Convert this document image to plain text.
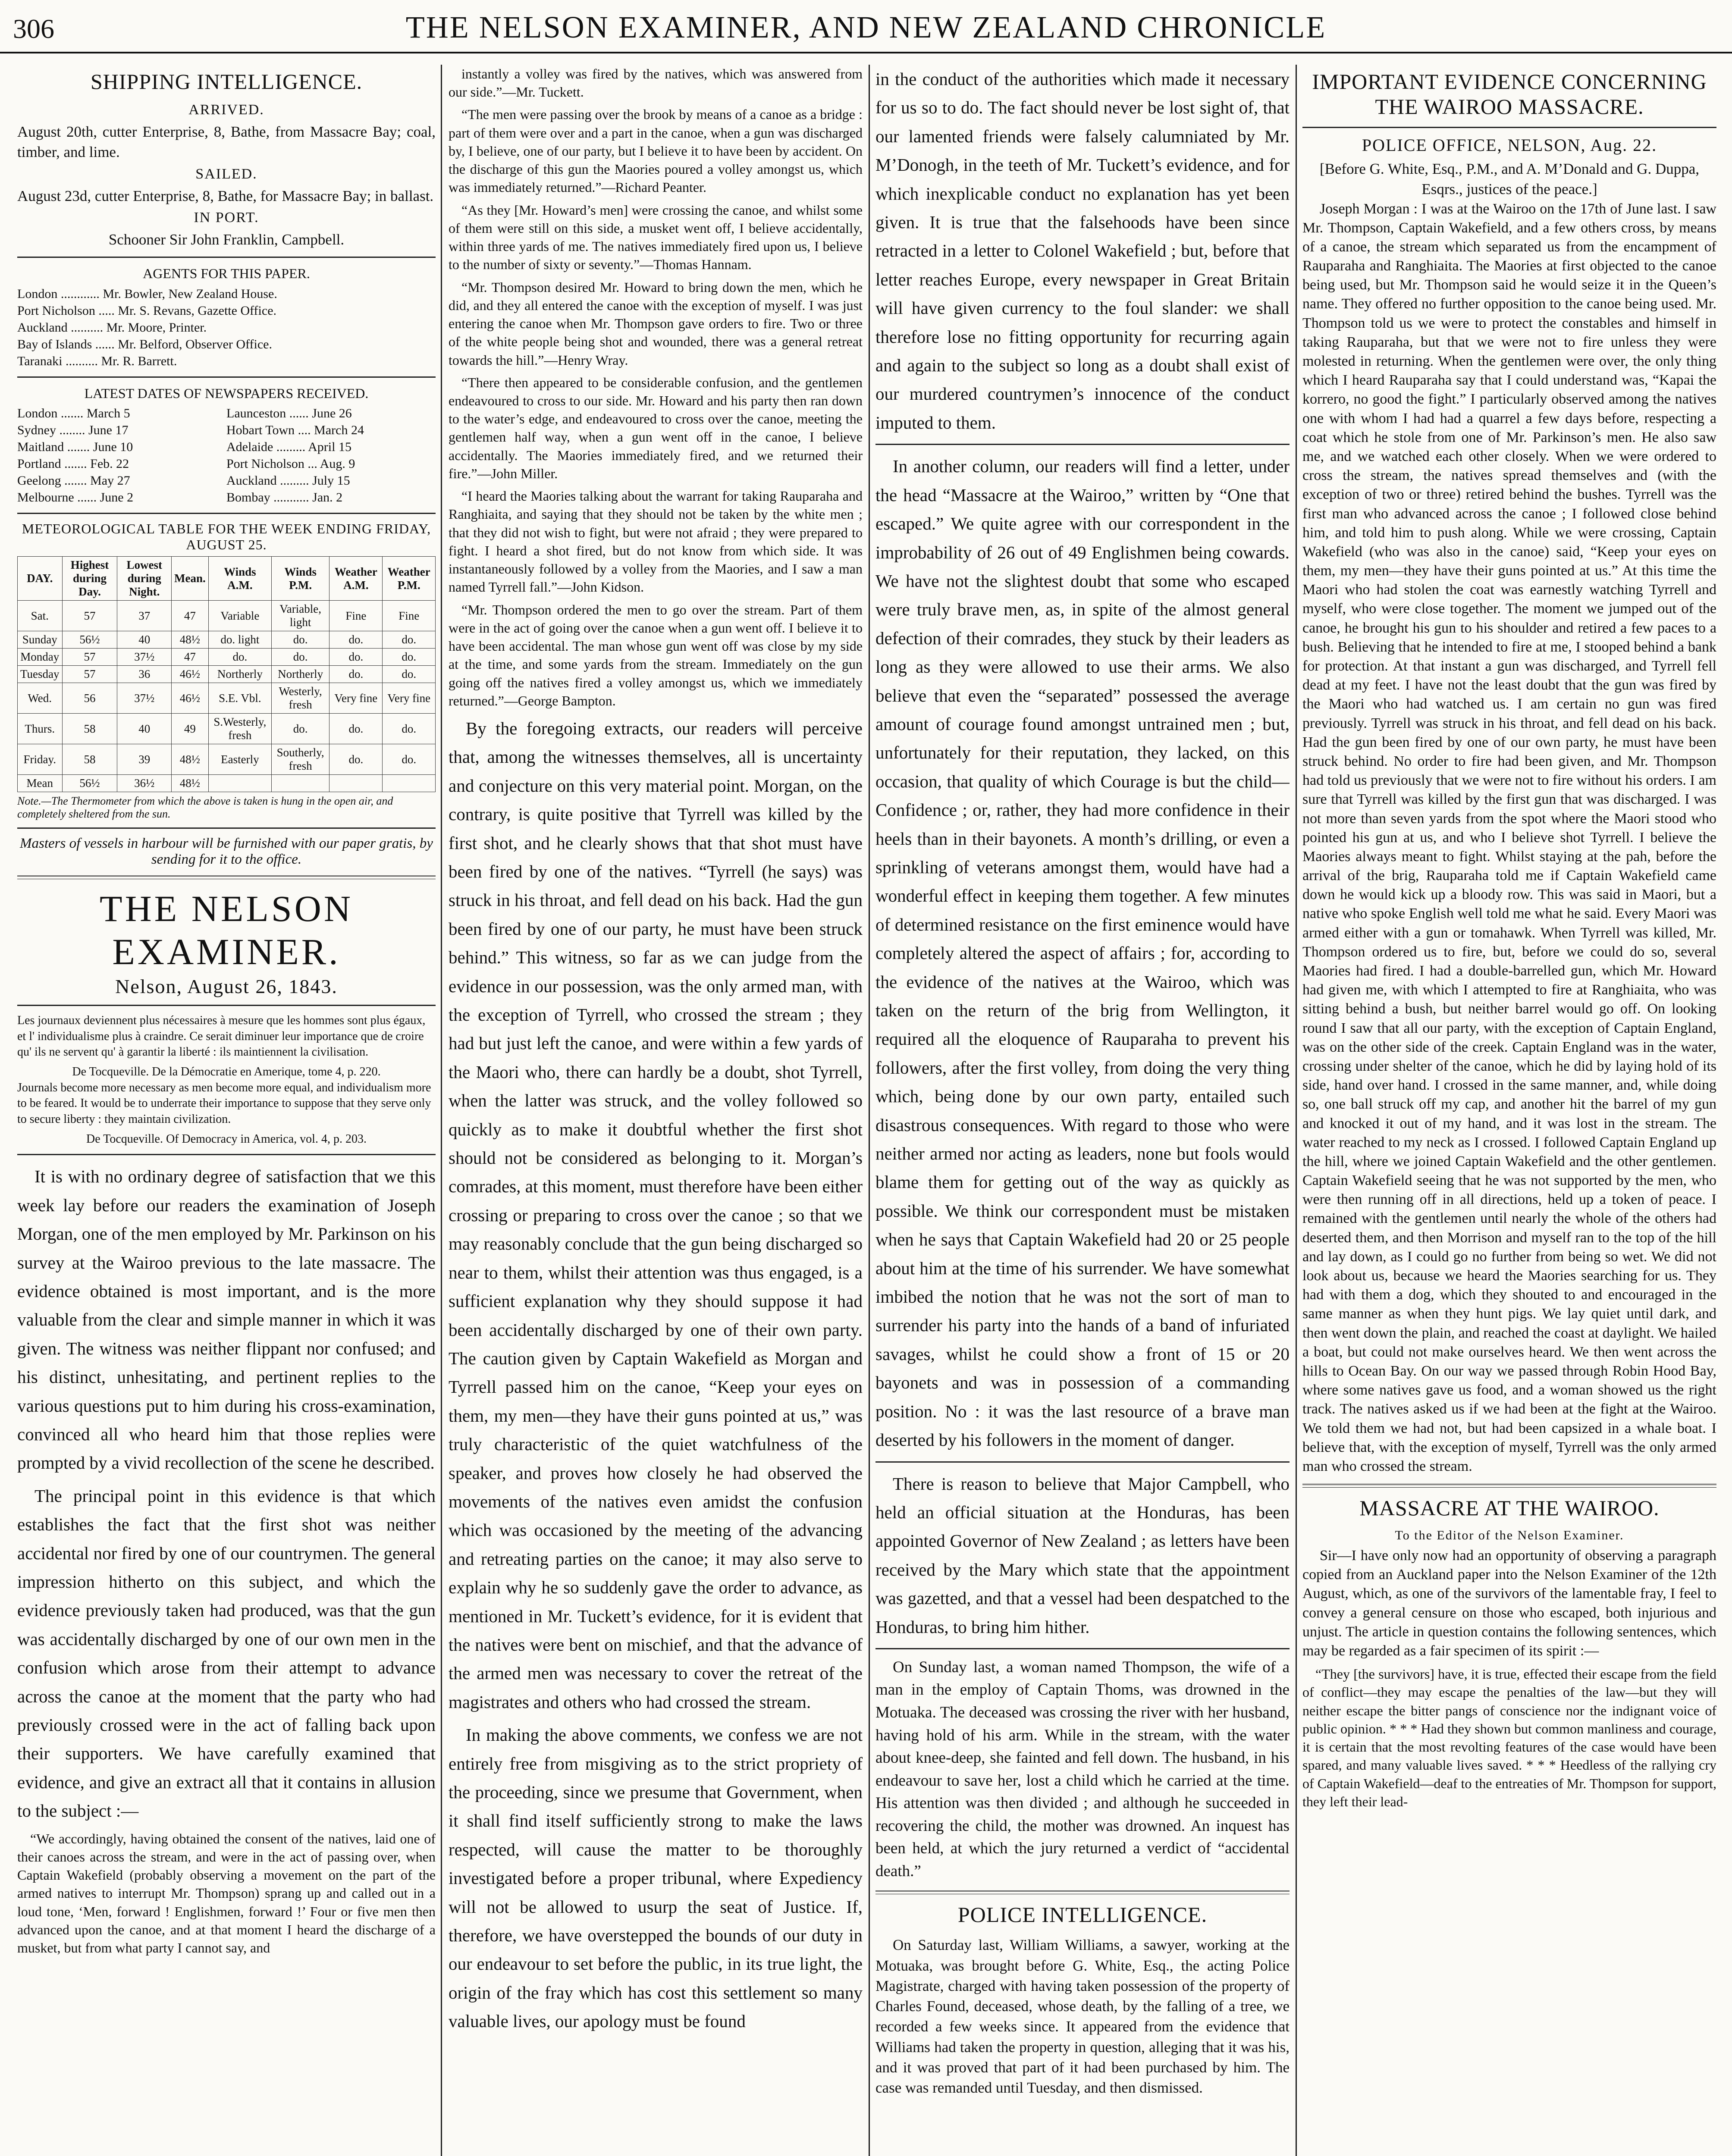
306	THE NELSON EXAMINER, AND NEW ZEALAND CHRONICLE
SHIPPING INTELLIGENCE.
ARRIVED.
August 20th, cutter Enterprise, 8, Bathe, from Massacre Bay; coal, timber, and lime.
SAILED.
August 23d, cutter Enterprise, 8, Bathe, for Massacre Bay; in ballast.
IN PORT.
Schooner Sir John Franklin, Campbell.
AGENTS FOR THIS PAPER.
London ............ Mr. Bowler, New Zealand House.
Port Nicholson ..... Mr. S. Revans, Gazette Office.
Auckland .......... Mr. Moore, Printer.
Bay of Islands ...... Mr. Belford, Observer Office.
Taranaki .......... Mr. R. Barrett.
LATEST DATES OF NEWSPAPERS RECEIVED.
London ....... March 5	Launceston ...... June 26
Sydney ........ June 17	Hobart Town .... March 24
Maitland ....... June 10	Adelaide ......... April 15
Portland ....... Feb. 22	Port Nicholson ... Aug. 9
Geelong ....... May 27	Auckland ......... July 15
Melbourne ...... June 2	Bombay ........... Jan. 2
METEOROLOGICAL TABLE FOR THE WEEK ENDING FRIDAY, AUGUST 25.
DAY.	Highest during Day.	Lowest during Night.	Mean.	Winds A.M.	Winds P.M.	Weather A.M.	Weather P.M.
Sat.	57	37	47	Variable	Variable, light	Fine	Fine
Sunday	56½	40	48½	do. light	do.	do.	do.
Monday	57	37½	47	do.	do.	do.	do.
Tuesday	57	36	46½	Northerly	Northerly	do.	do.
Wed.	56	37½	46½	S.E. Vbl.	Westerly, fresh	Very fine	Very fine
Thurs.	58	40	49	S.Westerly, fresh	do.	do.	do.
Friday.	58	39	48½	Easterly	Southerly, fresh	do.	do.
Mean	56½	36½	48½				
Note.—The Thermometer from which the above is taken is hung in the open air, and completely sheltered from the sun.
Masters of vessels in harbour will be furnished with our paper gratis, by sending for it to the office.
THE NELSON EXAMINER.
Nelson, August 26, 1843.

Les journaux deviennent plus nécessaires à mesure que les hommes sont plus égaux, et l' individualisme plus à craindre. Ce serait diminuer leur importance que de croire qu' ils ne servent qu' à garantir la liberté : ils maintiennent la civilisation.

De Tocqueville. De la Démocratie en Amerique, tome 4, p. 220.

Journals become more necessary as men become more equal, and individualism more to be feared. It would be to underrate their importance to suppose that they serve only to secure liberty : they maintain civilization.

De Tocqueville. Of Democracy in America, vol. 4, p. 203.

It is with no ordinary degree of satisfaction that we this week lay before our readers the examination of Joseph Morgan, one of the men employed by Mr. Parkinson on his survey at the Wairoo previous to the late massacre. The evidence obtained is most important, and is the more valuable from the clear and simple manner in which it was given. The witness was neither flippant nor confused; and his distinct, unhesitating, and pertinent replies to the various questions put to him during his cross-examination, convinced all who heard him that those replies were prompted by a vivid recollection of the scene he described.

The principal point in this evidence is that which establishes the fact that the first shot was neither accidental nor fired by one of our countrymen. The general impression hitherto on this subject, and which the evidence previously taken had produced, was that the gun was accidentally discharged by one of our own men in the confusion which arose from their attempt to advance across the canoe at the moment that the party who had previously crossed were in the act of falling back upon their supporters. We have carefully examined that evidence, and give an extract all that it contains in allusion to the subject :—

“We accordingly, having obtained the consent of the natives, laid one of their canoes across the stream, and were in the act of passing over, when Captain Wakefield (probably observing a movement on the part of the armed natives to interrupt Mr. Thompson) sprang up and called out in a loud tone, ‘Men, forward ! Englishmen, forward !’ Four or five men then advanced upon the canoe, and at that moment I heard the discharge of a musket, but from what party I cannot say, and

instantly a volley was fired by the natives, which was answered from our side.”—Mr. Tuckett.

“The men were passing over the brook by means of a canoe as a bridge : part of them were over and a part in the canoe, when a gun was discharged by, I believe, one of our party, but I believe it to have been by accident. On the discharge of this gun the Maories poured a volley amongst us, which was immediately returned.”—Richard Peanter.

“As they [Mr. Howard’s men] were crossing the canoe, and whilst some of them were still on this side, a musket went off, I believe accidentally, within three yards of me. The natives immediately fired upon us, I believe to the number of sixty or seventy.”—Thomas Hannam.

“Mr. Thompson desired Mr. Howard to bring down the men, which he did, and they all entered the canoe with the exception of myself. I was just entering the canoe when Mr. Thompson gave orders to fire. Two or three of the white people being shot and wounded, there was a general retreat towards the hill.”—Henry Wray.

“There then appeared to be considerable confusion, and the gentlemen endeavoured to cross to our side. Mr. Howard and his party then ran down to the water’s edge, and endeavoured to cross over the canoe, meeting the gentlemen half way, when a gun went off in the canoe, I believe accidentally. The Maories immediately fired, and we returned their fire.”—John Miller.

“I heard the Maories talking about the warrant for taking Rauparaha and Ranghiaita, and saying that they should not be taken by the white men ; that they did not wish to fight, but were not afraid ; they were prepared to fight. I heard a shot fired, but do not know from which side. It was instantaneously followed by a volley from the Maories, and I saw a man named Tyrrell fall.”—John Kidson.

“Mr. Thompson ordered the men to go over the stream. Part of them were in the act of going over the canoe when a gun went off. I believe it to have been accidental. The man whose gun went off was close by my side at the time, and some yards from the stream. Immediately on the gun going off the natives fired a volley amongst us, which we immediately returned.”—George Bampton.

By the foregoing extracts, our readers will perceive that, among the witnesses themselves, all is uncertainty and conjecture on this very material point. Morgan, on the contrary, is quite positive that Tyrrell was killed by the first shot, and he clearly shows that that shot must have been fired by one of the natives. “Tyrrell (he says) was struck in his throat, and fell dead on his back. Had the gun been fired by one of our party, he must have been struck behind.” This witness, so far as we can judge from the evidence in our possession, was the only armed man, with the exception of Tyrrell, who crossed the stream ; they had but just left the canoe, and were within a few yards of the Maori who, there can hardly be a doubt, shot Tyrrell, when the latter was struck, and the volley followed so quickly as to make it doubtful whether the first shot should not be considered as belonging to it. Morgan’s comrades, at this moment, must therefore have been either crossing or preparing to cross over the canoe ; so that we may reasonably conclude that the gun being discharged so near to them, whilst their attention was thus engaged, is a sufficient explanation why they should suppose it had been accidentally discharged by one of their own party. The caution given by Captain Wakefield as Morgan and Tyrrell passed him on the canoe, “Keep your eyes on them, my men—they have their guns pointed at us,” was truly characteristic of the quiet watchfulness of the speaker, and proves how closely he had observed the movements of the natives even amidst the confusion which was occasioned by the meeting of the advancing and retreating parties on the canoe; it may also serve to explain why he so suddenly gave the order to advance, as mentioned in Mr. Tuckett’s evidence, for it is evident that the natives were bent on mischief, and that the advance of the armed men was necessary to cover the retreat of the magistrates and others who had crossed the stream.

In making the above comments, we confess we are not entirely free from misgiving as to the strict propriety of the proceeding, since we presume that Government, when it shall find itself sufficiently strong to make the laws respected, will cause the matter to be thoroughly investigated before a proper tribunal, where Expediency will not be allowed to usurp the seat of Justice. If, therefore, we have overstepped the bounds of our duty in our endeavour to set before the public, in its true light, the origin of the fray which has cost this settlement so many valuable lives, our apology must be found

in the conduct of the authorities which made it necessary for us so to do. The fact should never be lost sight of, that our lamented friends were falsely calumniated by Mr. M’Donogh, in the teeth of Mr. Tuckett’s evidence, and for which inexplicable conduct no explanation has yet been given. It is true that the falsehoods have been since retracted in a letter to Colonel Wakefield ; but, before that letter reaches Europe, every newspaper in Great Britain will have given currency to the foul slander: we shall therefore lose no fitting opportunity for recurring again and again to the subject so long as a doubt shall exist of our murdered countrymen’s innocence of the conduct imputed to them.

In another column, our readers will find a letter, under the head “Massacre at the Wairoo,” written by “One that escaped.” We quite agree with our correspondent in the improbability of 26 out of 49 Englishmen being cowards. We have not the slightest doubt that some who escaped were truly brave men, as, in spite of the almost general defection of their comrades, they stuck by their leaders as long as they were allowed to use their arms. We also believe that even the “separated” possessed the average amount of courage found amongst untrained men ; but, unfortunately for their reputation, they lacked, on this occasion, that quality of which Courage is but the child—Confidence ; or, rather, they had more confidence in their heels than in their bayonets. A month’s drilling, or even a sprinkling of veterans amongst them, would have had a wonderful effect in keeping them together. A few minutes of determined resistance on the first eminence would have completely altered the aspect of affairs ; for, according to the evidence of the natives at the Wairoo, which was taken on the return of the brig from Wellington, it required all the eloquence of Rauparaha to prevent his followers, after the first volley, from doing the very thing which, being done by our own party, entailed such disastrous consequences. With regard to those who were neither armed nor acting as leaders, none but fools would blame them for getting out of the way as quickly as possible. We think our correspondent must be mistaken when he says that Captain Wakefield had 20 or 25 people about him at the time of his surrender. We have somewhat imbibed the notion that he was not the sort of man to surrender his party into the hands of a band of infuriated savages, whilst he could show a front of 15 or 20 bayonets and was in possession of a commanding position. No : it was the last resource of a brave man deserted by his followers in the moment of danger.

There is reason to believe that Major Campbell, who held an official situation at the Honduras, has been appointed Governor of New Zealand ; as letters have been received by the Mary which state that the appointment was gazetted, and that a vessel had been despatched to the Honduras, to bring him hither.

On Sunday last, a woman named Thompson, the wife of a man in the employ of Captain Thoms, was drowned in the Motuaka. The deceased was crossing the river with her husband, having hold of his arm. While in the stream, with the water about knee-deep, she fainted and fell down. The husband, in his endeavour to save her, lost a child which he carried at the time. His attention was then divided ; and although he succeeded in recovering the child, the mother was drowned. An inquest has been held, at which the jury returned a verdict of “accidental death.”

POLICE INTELLIGENCE.

On Saturday last, William Williams, a sawyer, working at the Motuaka, was brought before G. White, Esq., the acting Police Magistrate, charged with having taken possession of the property of Charles Found, deceased, whose death, by the falling of a tree, we recorded a few weeks since. It appeared from the evidence that Williams had taken the property in question, alleging that it was his, and it was proved that part of it had been purchased by him. The case was remanded until Tuesday, and then dismissed.

IMPORTANT EVIDENCE CONCERNING THE WAIROO MASSACRE.
POLICE OFFICE, NELSON, Aug. 22.
[Before G. White, Esq., P.M., and A. M’Donald and G. Duppa, Esqrs., justices of the peace.]

Joseph Morgan : I was at the Wairoo on the 17th of June last. I saw Mr. Thompson, Captain Wakefield, and a few others cross, by means of a canoe, the stream which separated us from the encampment of Rauparaha and Ranghiaita. The Maories at first objected to the canoe being used, but Mr. Thompson said he would seize it in the Queen’s name. They offered no further opposition to the canoe being used. Mr. Thompson told us we were to protect the constables and himself in taking Rauparaha, but that we were not to fire unless they were molested in returning. When the gentlemen were over, the only thing which I heard Rauparaha say that I could understand was, “Kapai the korrero, no good the fight.” I particularly observed among the natives one with whom I had had a quarrel a few days before, respecting a coat which he stole from one of Mr. Parkinson’s men. He also saw me, and we watched each other closely. When we were ordered to cross the stream, the natives spread themselves and (with the exception of two or three) retired behind the bushes. Tyrrell was the first man who advanced across the canoe ; I followed close behind him, and told him to push along. While we were crossing, Captain Wakefield (who was also in the canoe) said, “Keep your eyes on them, my men—they have their guns pointed at us.” At this time the Maori who had stolen the coat was earnestly watching Tyrrell and myself, who were close together. The moment we jumped out of the canoe, he brought his gun to his shoulder and retired a few paces to a bush. Believing that he intended to fire at me, I stooped behind a bank for protection. At that instant a gun was discharged, and Tyrrell fell dead at my feet. I have not the least doubt that the gun was fired by the Maori who had watched us. I am certain no gun was fired previously. Tyrrell was struck in his throat, and fell dead on his back. Had the gun been fired by one of our own party, he must have been struck behind. No order to fire had been given, and Mr. Thompson had told us previously that we were not to fire without his orders. I am sure that Tyrrell was killed by the first gun that was discharged. I was not more than seven yards from the spot where the Maori stood who pointed his gun at us, and who I believe shot Tyrrell. I believe the Maories always meant to fight. Whilst staying at the pah, before the arrival of the brig, Rauparaha told me if Captain Wakefield came down he would kick up a bloody row. This was said in Maori, but a native who spoke English well told me what he said. Every Maori was armed either with a gun or tomahawk. When Tyrrell was killed, Mr. Thompson ordered us to fire, but, before we could do so, several Maories had fired. I had a double-barrelled gun, which Mr. Howard had given me, with which I attempted to fire at Ranghiaita, who was sitting behind a bush, but neither barrel would go off. On looking round I saw that all our party, with the exception of Captain England, was on the other side of the creek. Captain England was in the water, crossing under shelter of the canoe, which he did by laying hold of its side, hand over hand. I crossed in the same manner, and, while doing so, one ball struck off my cap, and another hit the barrel of my gun and knocked it out of my hand, and it was lost in the stream. The water reached to my neck as I crossed. I followed Captain England up the hill, where we joined Captain Wakefield and the other gentlemen. Captain Wakefield seeing that he was not supported by the men, who were then running off in all directions, held up a token of peace. I remained with the gentlemen until nearly the whole of the others had deserted them, and then Morrison and myself ran to the top of the hill and lay down, as I could go no further from being so wet. We did not look about us, because we heard the Maories searching for us. They had with them a dog, which they shouted to and encouraged in the same manner as when they hunt pigs. We lay quiet until dark, and then went down the plain, and reached the coast at daylight. We hailed a boat, but could not make ourselves heard. We then went across the hills to Ocean Bay. On our way we passed through Robin Hood Bay, where some natives gave us food, and a woman showed us the right track. The natives asked us if we had been at the fight at the Wairoo. We told them we had not, but had been capsized in a whale boat. I believe that, with the exception of myself, Tyrrell was the only armed man who crossed the stream.

MASSACRE AT THE WAIROO.
To the Editor of the Nelson Examiner.

Sir—I have only now had an opportunity of observing a paragraph copied from an Auckland paper into the Nelson Examiner of the 12th August, which, as one of the survivors of the lamentable fray, I feel to convey a general censure on those who escaped, both injurious and unjust. The article in question contains the following sentences, which may be regarded as a fair specimen of its spirit :—

“They [the survivors] have, it is true, effected their escape from the field of conflict—they may escape the penalties of the law—but they will neither escape the bitter pangs of conscience nor the indignant voice of public opinion. * * * Had they shown but common manliness and courage, it is certain that the most revolting features of the case would have been spared, and many valuable lives saved. * * * Heedless of the rallying cry of Captain Wakefield—deaf to the entreaties of Mr. Thompson for support, they left their lead-
